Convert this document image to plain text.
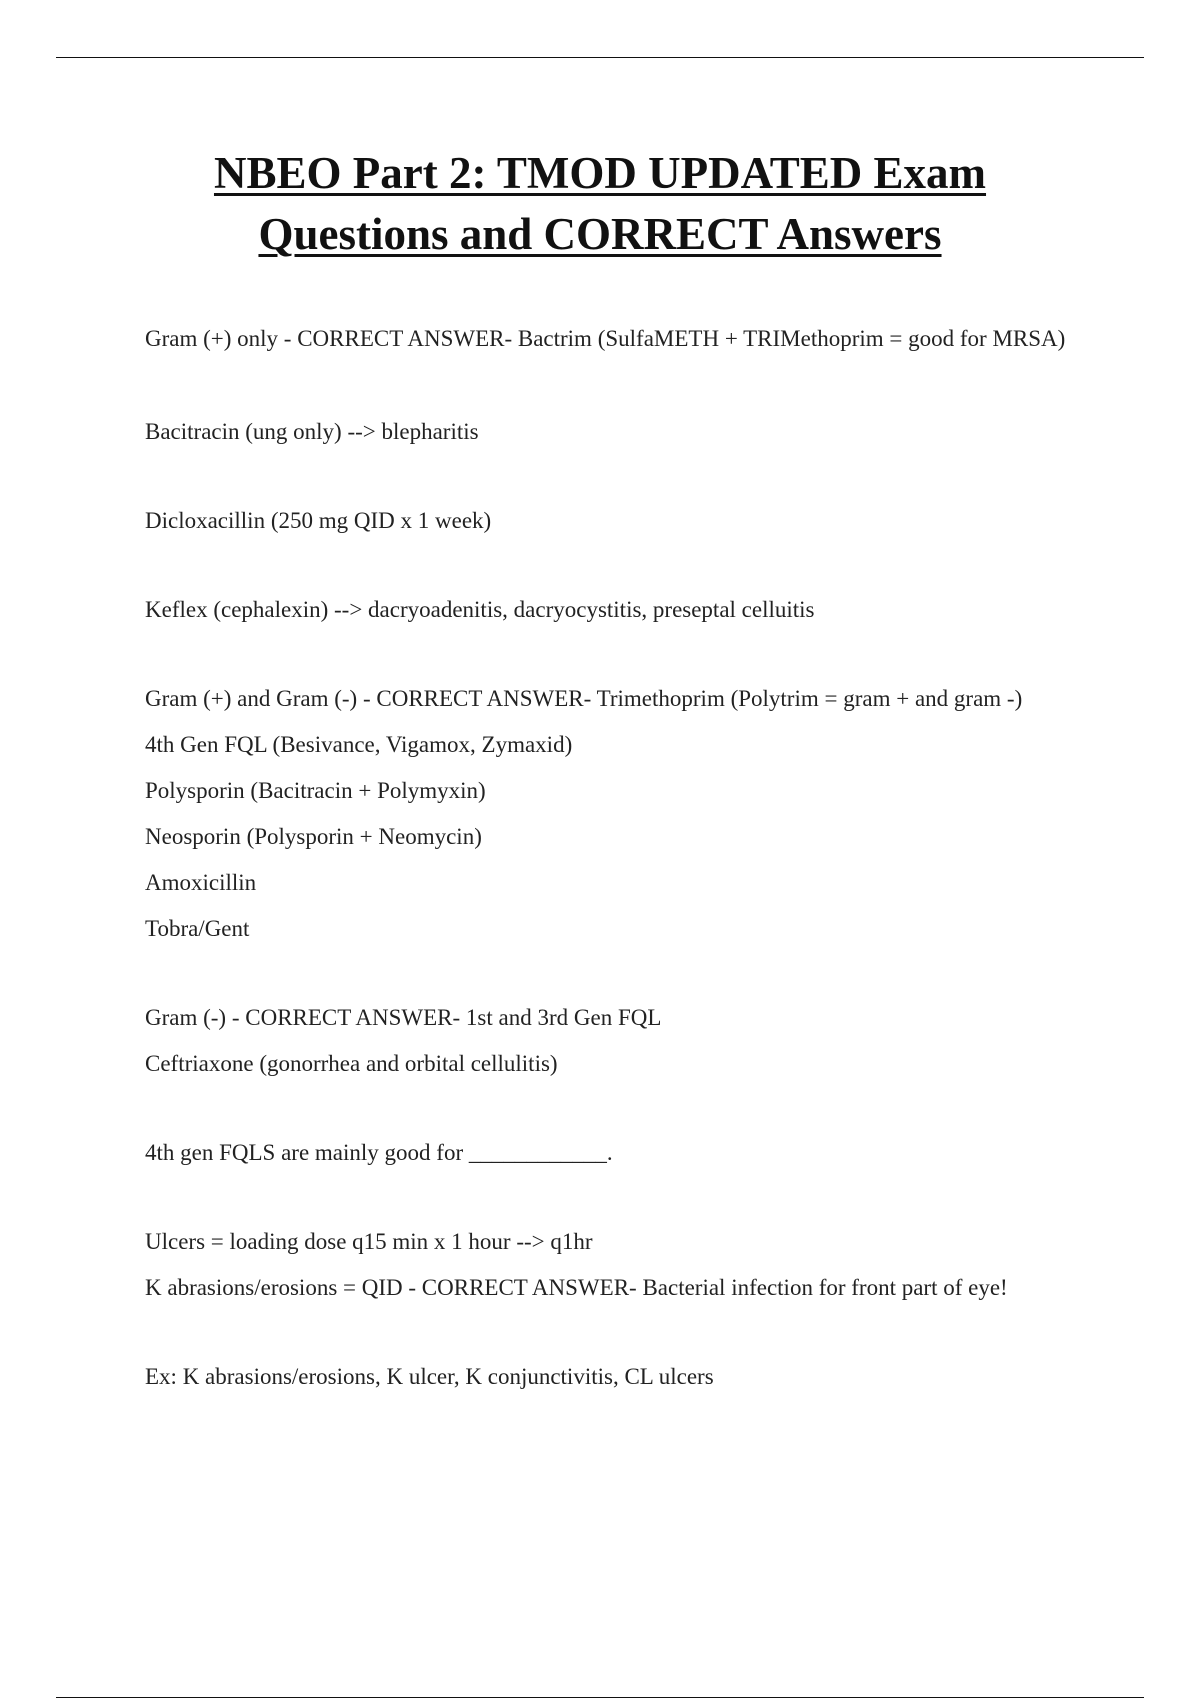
NBEO Part 2: TMOD UPDATED Exam
Questions and CORRECT Answers
Gram (+) only - CORRECT ANSWER- Bactrim (SulfaMETH + TRIMethoprim = good for MRSA)
Bacitracin (ung only) --> blepharitis
Dicloxacillin (250 mg QID x 1 week)
Keflex (cephalexin) --> dacryoadenitis, dacryocystitis, preseptal celluitis
Gram (+) and Gram (-) - CORRECT ANSWER- Trimethoprim (Polytrim = gram + and gram -)
4th Gen FQL (Besivance, Vigamox, Zymaxid)
Polysporin (Bacitracin + Polymyxin)
Neosporin (Polysporin + Neomycin)
Amoxicillin
Tobra/Gent
Gram (-) - CORRECT ANSWER- 1st and 3rd Gen FQL
Ceftriaxone (gonorrhea and orbital cellulitis)
4th gen FQLS are mainly good for ____________.
Ulcers = loading dose q15 min x 1 hour --> q1hr
K abrasions/erosions = QID - CORRECT ANSWER- Bacterial infection for front part of eye!
Ex: K abrasions/erosions, K ulcer, K conjunctivitis, CL ulcers
